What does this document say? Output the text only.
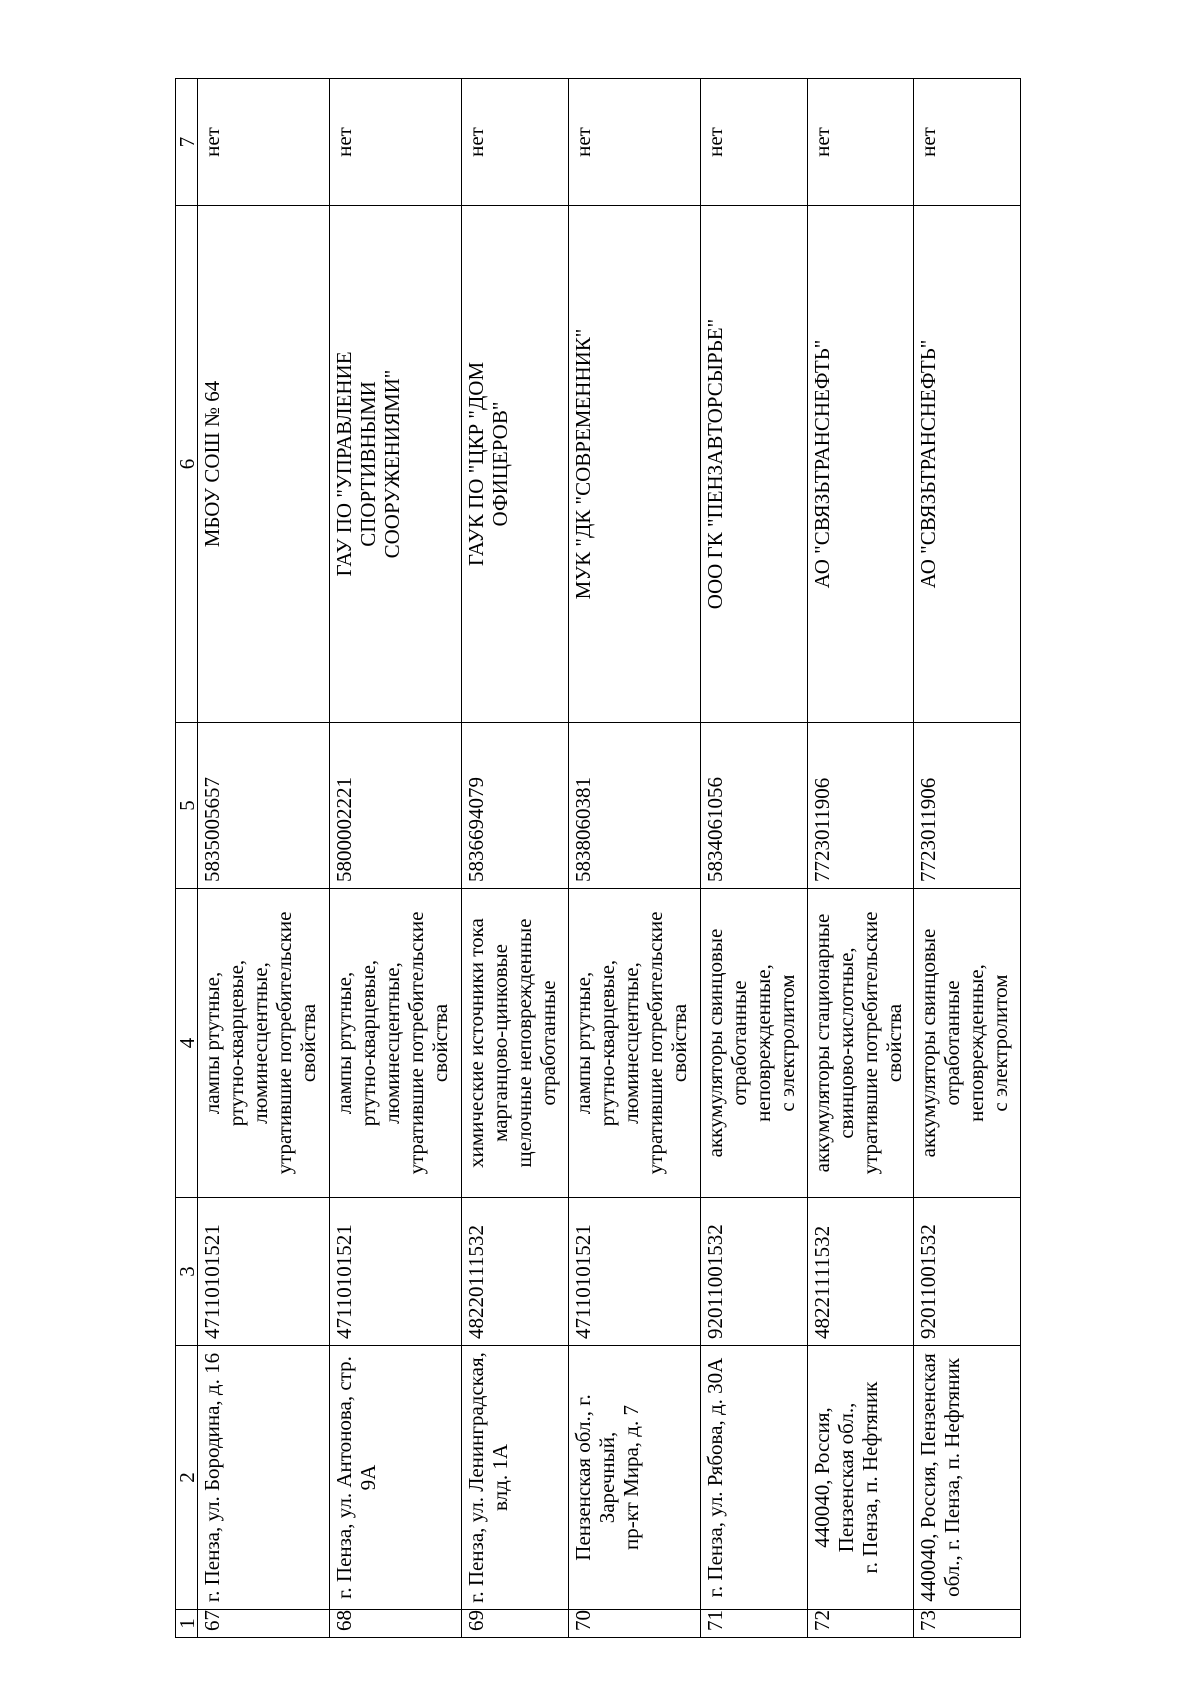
1	2	3	4	5	6	7
67	г. Пенза, ул. Бородина, д. 16	47110101521	лампы ртутные,
ртутно-кварцевые,
люминесцентные,
утратившие потребительские
свойства	5835005657	МБОУ СОШ № 64	нет
68	г. Пенза, ул. Антонова, стр. 9А	47110101521	лампы ртутные,
ртутно-кварцевые,
люминесцентные,
утратившие потребительские
свойства	5800002221	ГАУ ПО "УПРАВЛЕНИЕ
СПОРТИВНЫМИ
СООРУЖЕНИЯМИ"	нет
69	г. Пенза, ул. Ленинградская,
влд. 1А	48220111532	химические источники тока
марганцово-цинковые
щелочные неповрежденные
отработанные	5836694079	ГАУК ПО "ЦКР "ДОМ
ОФИЦЕРОВ"	нет
70	Пензенская обл., г. Заречный,
пр-кт Мира, д. 7	47110101521	лампы ртутные,
ртутно-кварцевые,
люминесцентные,
утратившие потребительские
свойства	5838060381	МУК "ДК "СОВРЕМЕННИК"	нет
71	г. Пенза, ул. Рябова, д. 30А	92011001532	аккумуляторы свинцовые
отработанные
неповрежденные,
с электролитом	5834061056	ООО ГК "ПЕНЗАВТОРСЫРЬЕ"	нет
72	440040, Россия,
Пензенская обл.,
г. Пенза, п. Нефтяник	48221111532	аккумуляторы стационарные
свинцово-кислотные,
утратившие потребительские
свойства	7723011906	АО "СВЯЗЬТРАНСНЕФТЬ"	нет
73	440040, Россия, Пензенская
обл., г. Пенза, п. Нефтяник	92011001532	аккумуляторы свинцовые
отработанные
неповрежденные,
с электролитом	7723011906	АО "СВЯЗЬТРАНСНЕФТЬ"	нет
